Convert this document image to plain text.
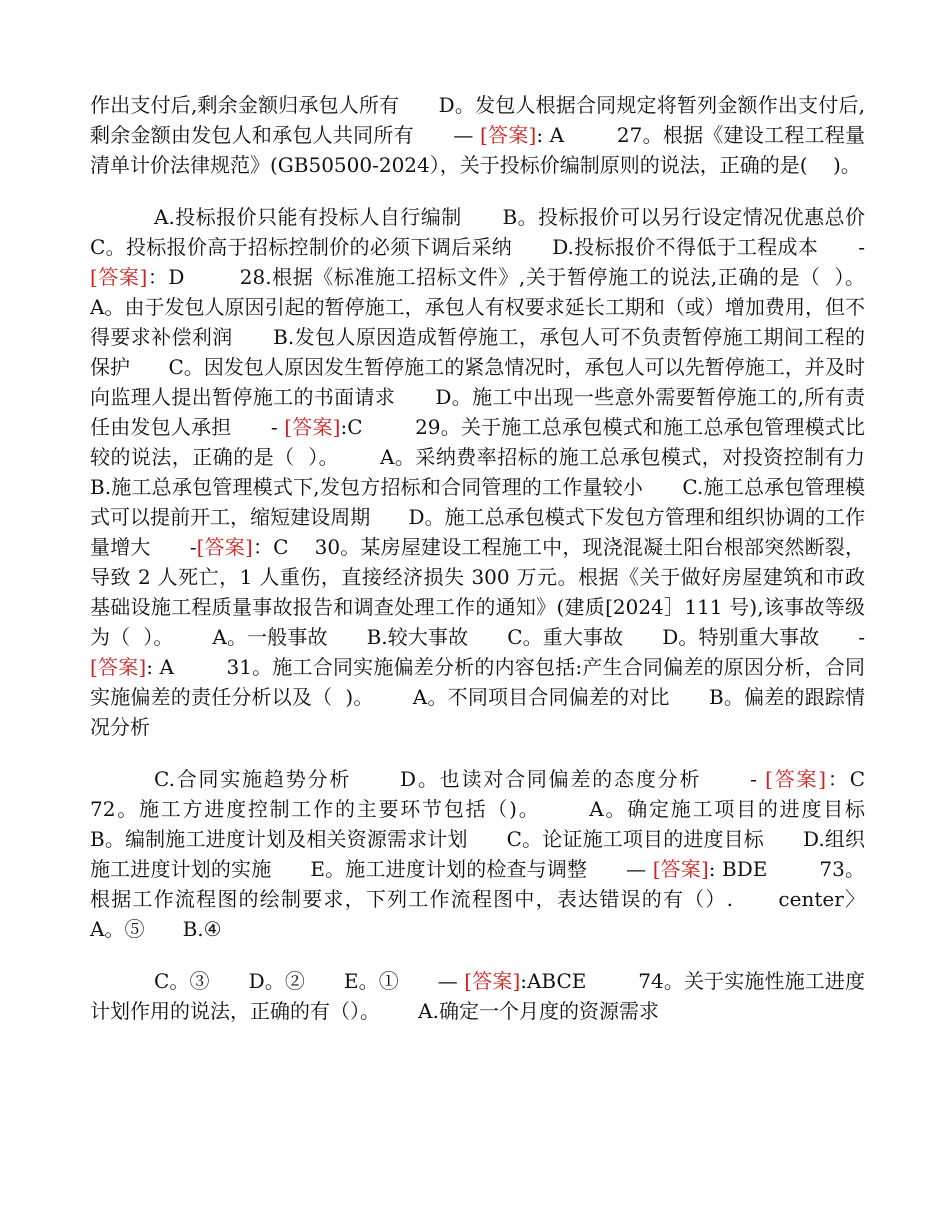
作出支付后,剩余金额归承包人所有      D。发包人根据合同规定将暂列金额作出支付后,剩余金额由发包人和承包人共同所有      — [答案]: A        27。根据《建设工程工程量清单计价法律规范》(GB50500-2024），关于投标价编制原则的说法，正确的是(    )。

A.投标报价只能有投标人自行编制      B。投标报价可以另行设定情况优惠总价      C。投标报价高于招标控制价的必须下调后采纳      D.投标报价不得低于工程成本      -[答案]：D        28.根据《标准施工招标文件》,关于暂停施工的说法,正确的是（  ）。      A。由于发包人原因引起的暂停施工，承包人有权要求延长工期和（或）增加费用，但不得要求补偿利润      B.发包人原因造成暂停施工，承包人可不负责暂停施工期间工程的保护      C。因发包人原因发生暂停施工的紧急情况时，承包人可以先暂停施工，并及时向监理人提出暂停施工的书面请求      D。施工中出现一些意外需要暂停施工的,所有责任由发包人承担      - [答案]:C        29。关于施工总承包模式和施工总承包管理模式比较的说法，正确的是（  ）。      A。采纳费率招标的施工总承包模式，对投资控制有力      B.施工总承包管理模式下,发包方招标和合同管理的工作量较小      C.施工总承包管理模式可以提前开工，缩短建设周期      D。施工总承包模式下发包方管理和组织协调的工作量增大      -[答案]：C    30。某房屋建设工程施工中，现浇混凝土阳台根部突然断裂，导致 2 人死亡，1 人重伤，直接经济损失 300 万元。根据《关于做好房屋建筑和市政基础设施工程质量事故报告和调查处理工作的通知》(建质[2024］111 号),该事故等级为（  ）。      A。一般事故      B.较大事故      C。重大事故      D。特别重大事故      - [答案]: A        31。施工合同实施偏差分析的内容包括:产生合同偏差的原因分析，合同实施偏差的责任分析以及（  )。      A。不同项目合同偏差的对比      B。偏差的跟踪情况分析

C.合同实施趋势分析      D。也读对合同偏差的态度分析      - [答案]：C        72。施工方进度控制工作的主要环节包括（)。      A。确定施工项目的进度目标      B。编制施工进度计划及相关资源需求计划      C。论证施工项目的进度目标      D.组织施工进度计划的实施      E。施工进度计划的检查与调整      — [答案]: BDE        73。根据工作流程图的绘制要求，下列工作流程图中，表达错误的有（）.      center〉        A。⑤      B.④

C。③      D。②      E。①      — [答案]:ABCE        74。关于实施性施工进度计划作用的说法，正确的有（）。      A.确定一个月度的资源需求
